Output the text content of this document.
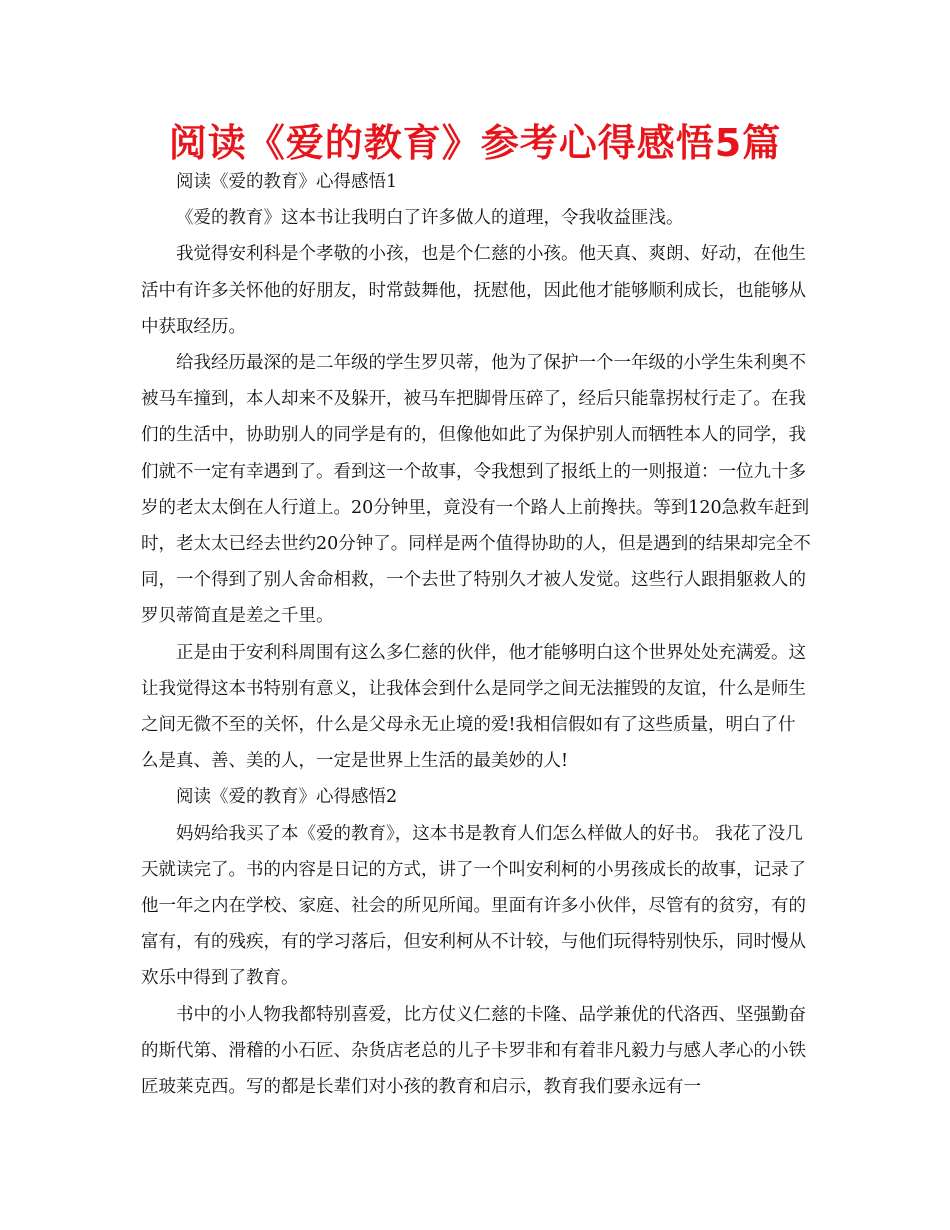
阅读《爱的教育》参考心得感悟5篇

阅读《爱的教育》心得感悟1

《爱的教育》这本书让我明白了许多做人的道理，令我收益匪浅。

我觉得安利科是个孝敬的小孩，也是个仁慈的小孩。他天真、爽朗、好动，在他生活中有许多关怀他的好朋友，时常鼓舞他，抚慰他，因此他才能够顺利成长，也能够从中获取经历。

给我经历最深的是二年级的学生罗贝蒂，他为了保护一个一年级的小学生朱利奥不被马车撞到，本人却来不及躲开，被马车把脚骨压碎了，经后只能靠拐杖行走了。在我们的生活中，协助别人的同学是有的，但像他如此了为保护别人而牺牲本人的同学，我们就不一定有幸遇到了。看到这一个故事，令我想到了报纸上的一则报道：一位九十多岁的老太太倒在人行道上。20分钟里，竟没有一个路人上前搀扶。等到120急救车赶到时，老太太已经去世约20分钟了。同样是两个值得协助的人，但是遇到的结果却完全不同，一个得到了别人舍命相救，一个去世了特别久才被人发觉。这些行人跟捐躯救人的罗贝蒂简直是差之千里。

正是由于安利科周围有这么多仁慈的伙伴，他才能够明白这个世界处处充满爱。这让我觉得这本书特别有意义，让我体会到什么是同学之间无法摧毁的友谊，什么是师生之间无微不至的关怀，什么是父母永无止境的爱!我相信假如有了这些质量，明白了什么是真、善、美的人，一定是世界上生活的最美妙的人!

阅读《爱的教育》心得感悟2

妈妈给我买了本《爱的教育》，这本书是教育人们怎么样做人的好书。 我花了没几天就读完了。书的内容是日记的方式，讲了一个叫安利柯的小男孩成长的故事，记录了他一年之内在学校、家庭、社会的所见所闻。里面有许多小伙伴，尽管有的贫穷，有的富有，有的残疾，有的学习落后，但安利柯从不计较，与他们玩得特别快乐，同时慢从欢乐中得到了教育。

书中的小人物我都特别喜爱，比方仗义仁慈的卡隆、品学兼优的代洛西、坚强勤奋的斯代第、滑稽的小石匠、杂货店老总的儿子卡罗非和有着非凡毅力与感人孝心的小铁匠玻莱克西。写的都是长辈们对小孩的教育和启示，教育我们要永远有一
